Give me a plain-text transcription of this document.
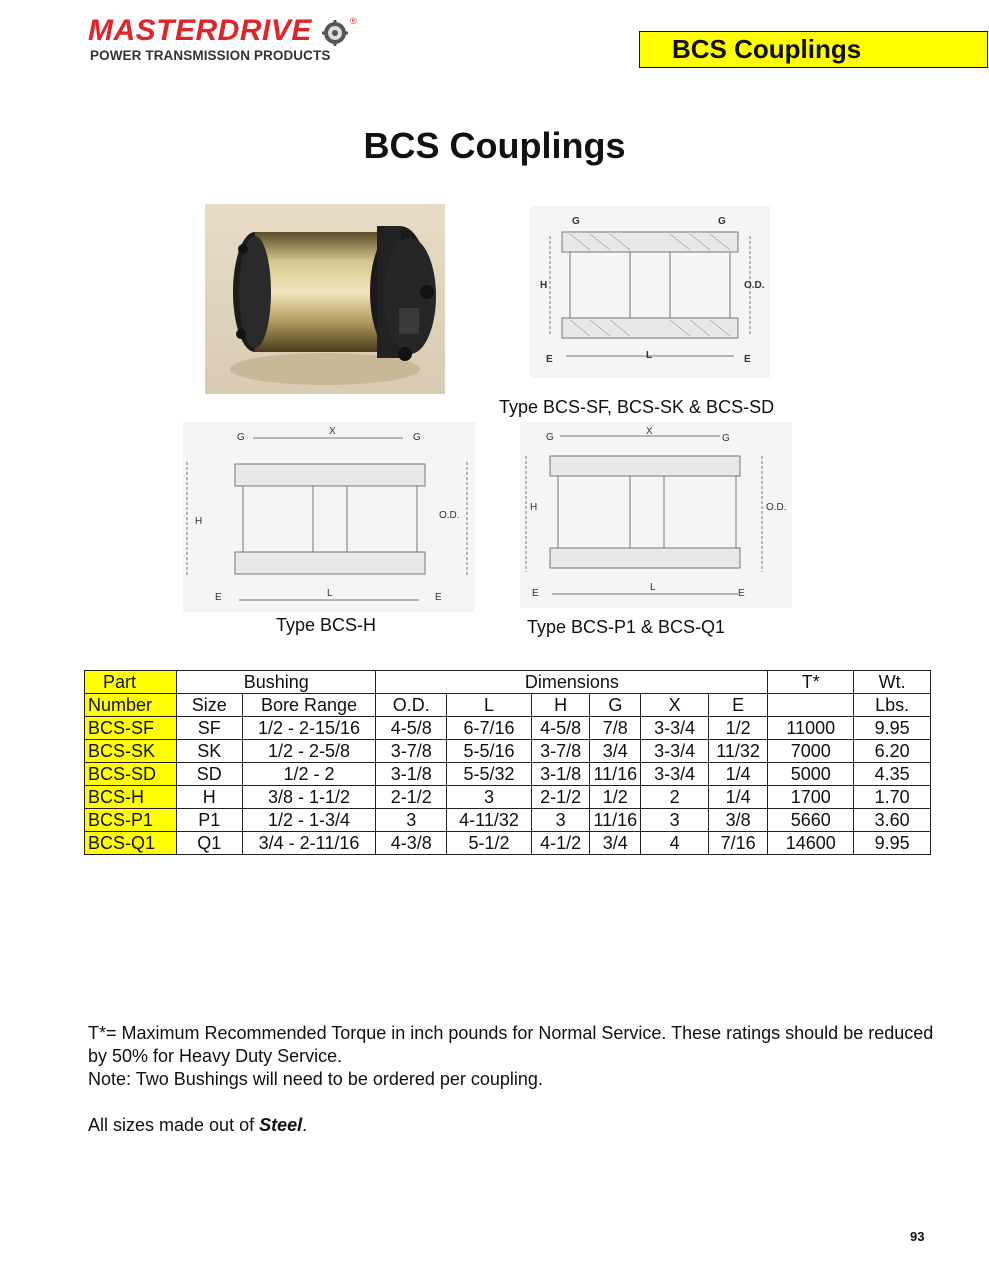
MASTERDRIVE	®
POWER TRANSMISSION PRODUCTS	BCS Couplings
BCS Couplings
G	G
H	O.D.
L
E	E
Type BCS-SF, BCS-SK & BCS-SD
G
X
G
H
O.D.
L
E	E
Type BCS-H
G
X
G
H	O.D.
L
E	E
Type BCS-P1 & BCS-Q1
Part	Bushing		Dimensions						T*	Wt.
Number	Size	Bore Range	O.D.	L	H	G	X	E		Lbs.
BCS-SF	SF	1/2 - 2-15/16	4-5/8	6-7/16	4-5/8	7/8	3-3/4	1/2	11000	9.95
BCS-SK	SK	1/2 - 2-5/8	3-7/8	5-5/16	3-7/8	3/4	3-3/4	11/32	7000	6.20
BCS-SD	SD	1/2 - 2	3-1/8	5-5/32	3-1/8	11/16	3-3/4	1/4	5000	4.35
BCS-H	H	3/8 - 1-1/2	2-1/2	3	2-1/2	1/2	2	1/4	1700	1.70
BCS-P1	P1	1/2 - 1-3/4	3	4-11/32	3	11/16	3	3/8	5660	3.60
BCS-Q1	Q1	3/4 - 2-11/16	4-3/8	5-1/2	4-1/2	3/4	4	7/16	14600	9.95

T*= Maximum Recommended Torque in inch pounds for Normal Service. These ratings should be reduced by 50% for Heavy Duty Service.

Note: Two Bushings will need to be ordered per coupling.

All sizes made out of Steel.

93
